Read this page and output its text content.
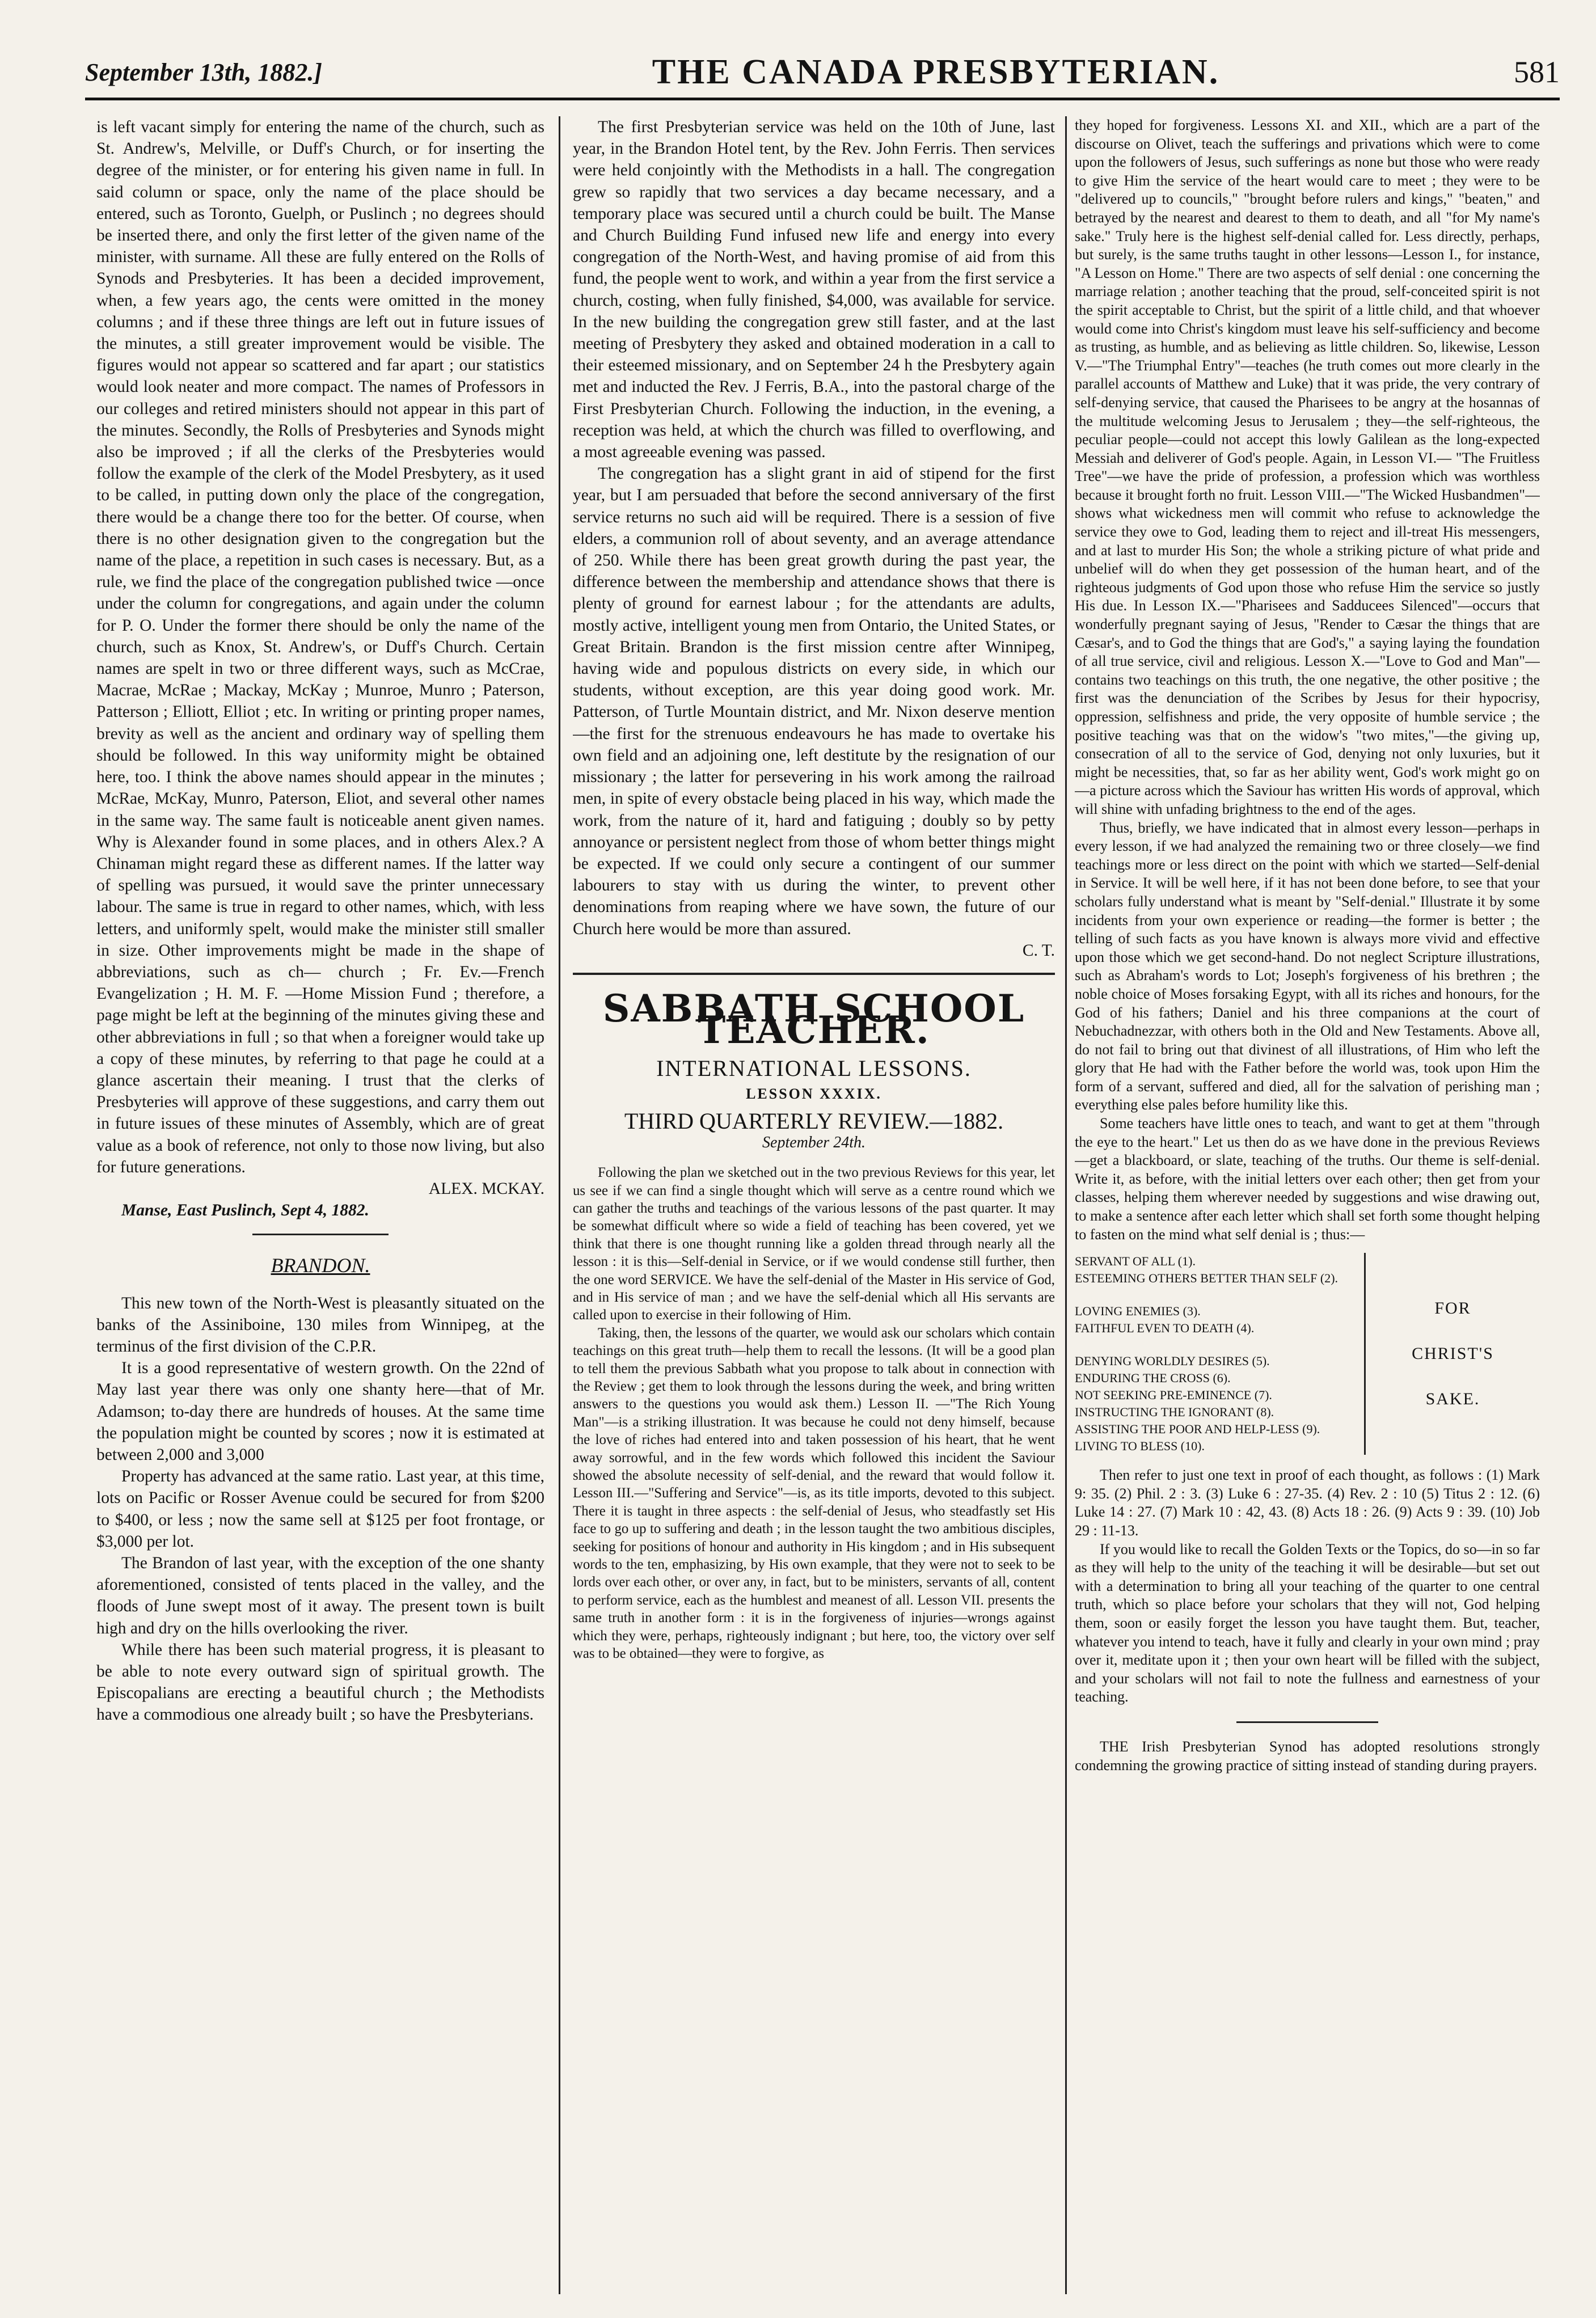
September 13th, 1882.]	THE CANADA PRESBYTERIAN.	581

is left vacant simply for entering the name of the church, such as St. Andrew's, Melville, or Duff's Church, or for inserting the degree of the minister, or for entering his given name in full. In said column or space, only the name of the place should be entered, such as Toronto, Guelph, or Puslinch ; no degrees should be inserted there, and only the first letter of the given name of the minister, with surname. All these are fully entered on the Rolls of Synods and Presbyteries. It has been a decided improvement, when, a few years ago, the cents were omitted in the money columns ; and if these three things are left out in future issues of the minutes, a still greater improvement would be visible. The figures would not appear so scattered and far apart ; our statistics would look neater and more compact. The names of Professors in our colleges and retired ministers should not appear in this part of the minutes. Secondly, the Rolls of Presbyteries and Synods might also be improved ; if all the clerks of the Presbyteries would follow the example of the clerk of the Model Presbytery, as it used to be called, in putting down only the place of the congregation, there would be a change there too for the better. Of course, when there is no other designation given to the congregation but the name of the place, a repetition in such cases is necessary. But, as a rule, we find the place of the congregation published twice —once under the column for congregations, and again under the column for P. O. Under the former there should be only the name of the church, such as Knox, St. Andrew's, or Duff's Church. Certain names are spelt in two or three different ways, such as McCrae, Macrae, McRae ; Mackay, McKay ; Munroe, Munro ; Paterson, Patterson ; Elliott, Elliot ; etc. In writing or printing proper names, brevity as well as the ancient and ordinary way of spelling them should be followed. In this way uniformity might be obtained here, too. I think the above names should appear in the minutes ; McRae, McKay, Munro, Paterson, Eliot, and several other names in the same way. The same fault is noticeable anent given names. Why is Alexander found in some places, and in others Alex.? A Chinaman might regard these as different names. If the latter way of spelling was pursued, it would save the printer unnecessary labour. The same is true in regard to other names, which, with less letters, and uniformly spelt, would make the minister still smaller in size. Other improvements might be made in the shape of abbreviations, such as ch— church ; Fr. Ev.—French Evangelization ; H. M. F. —Home Mission Fund ; therefore, a page might be left at the beginning of the minutes giving these and other abbreviations in full ; so that when a foreigner would take up a copy of these minutes, by referring to that page he could at a glance ascertain their meaning. I trust that the clerks of Presbyteries will approve of these suggestions, and carry them out in future issues of these minutes of Assembly, which are of great value as a book of reference, not only to those now living, but also for future generations.

ALEX. MCKAY.

Manse, East Puslinch, Sept 4, 1882.

BRANDON.

This new town of the North-West is pleasantly situated on the banks of the Assiniboine, 130 miles from Winnipeg, at the terminus of the first division of the C.P.R.

It is a good representative of western growth. On the 22nd of May last year there was only one shanty here—that of Mr. Adamson; to-day there are hundreds of houses. At the same time the population might be counted by scores ; now it is estimated at between 2,000 and 3,000

Property has advanced at the same ratio. Last year, at this time, lots on Pacific or Rosser Avenue could be secured for from $200 to $400, or less ; now the same sell at $125 per foot frontage, or $3,000 per lot.

The Brandon of last year, with the exception of the one shanty aforementioned, consisted of tents placed in the valley, and the floods of June swept most of it away. The present town is built high and dry on the hills overlooking the river.

While there has been such material progress, it is pleasant to be able to note every outward sign of spiritual growth. The Episcopalians are erecting a beautiful church ; the Methodists have a commodious one already built ; so have the Presbyterians.

The first Presbyterian service was held on the 10th of June, last year, in the Brandon Hotel tent, by the Rev. John Ferris. Then services were held conjointly with the Methodists in a hall. The congregation grew so rapidly that two services a day became necessary, and a temporary place was secured until a church could be built. The Manse and Church Building Fund infused new life and energy into every congregation of the North-West, and having promise of aid from this fund, the people went to work, and within a year from the first service a church, costing, when fully finished, $4,000, was available for service. In the new building the congregation grew still faster, and at the last meeting of Presbytery they asked and obtained moderation in a call to their esteemed missionary, and on September 24 h the Presbytery again met and inducted the Rev. J Ferris, B.A., into the pastoral charge of the First Presbyterian Church. Following the induction, in the evening, a reception was held, at which the church was filled to overflowing, and a most agreeable evening was passed.

The congregation has a slight grant in aid of stipend for the first year, but I am persuaded that before the second anniversary of the first service returns no such aid will be required. There is a session of five elders, a communion roll of about seventy, and an average attendance of 250. While there has been great growth during the past year, the difference between the membership and attendance shows that there is plenty of ground for earnest labour ; for the attendants are adults, mostly active, intelligent young men from Ontario, the United States, or Great Britain. Brandon is the first mission centre after Winnipeg, having wide and populous districts on every side, in which our students, without exception, are this year doing good work. Mr. Patterson, of Turtle Mountain district, and Mr. Nixon deserve mention—the first for the strenuous endeavours he has made to overtake his own field and an adjoining one, left destitute by the resignation of our missionary ; the latter for persevering in his work among the railroad men, in spite of every obstacle being placed in his way, which made the work, from the nature of it, hard and fatiguing ; doubly so by petty annoyance or persistent neglect from those of whom better things might be expected. If we could only secure a contingent of our summer labourers to stay with us during the winter, to prevent other denominations from reaping where we have sown, the future of our Church here would be more than assured.

C. T.
SABBATH SCHOOL TEACHER.
INTERNATIONAL LESSONS.
LESSON XXXIX.
THIRD QUARTERLY REVIEW.—1882.
September 24th.

Following the plan we sketched out in the two previous Reviews for this year, let us see if we can find a single thought which will serve as a centre round which we can gather the truths and teachings of the various lessons of the past quarter. It may be somewhat difficult where so wide a field of teaching has been covered, yet we think that there is one thought running like a golden thread through nearly all the lesson : it is this—Self-denial in Service, or if we would condense still further, then the one word SERVICE. We have the self-denial of the Master in His service of God, and in His service of man ; and we have the self-denial which all His servants are called upon to exercise in their following of Him.

Taking, then, the lessons of the quarter, we would ask our scholars which contain teachings on this great truth—help them to recall the lessons. (It will be a good plan to tell them the previous Sabbath what you propose to talk about in connection with the Review ; get them to look through the lessons during the week, and bring written answers to the questions you would ask them.) Lesson II. —"The Rich Young Man"—is a striking illustration. It was because he could not deny himself, because the love of riches had entered into and taken possession of his heart, that he went away sorrowful, and in the few words which followed this incident the Saviour showed the absolute necessity of self-denial, and the reward that would follow it. Lesson III.—"Suffering and Service"—is, as its title imports, devoted to this subject. There it is taught in three aspects : the self-denial of Jesus, who steadfastly set His face to go up to suffering and death ; in the lesson taught the two ambitious disciples, seeking for positions of honour and authority in His kingdom ; and in His subsequent words to the ten, emphasizing, by His own example, that they were not to seek to be lords over each other, or over any, in fact, but to be ministers, servants of all, content to perform service, each as the humblest and meanest of all. Lesson VII. presents the same truth in another form : it is in the forgiveness of injuries—wrongs against which they were, perhaps, righteously indignant ; but here, too, the victory over self was to be obtained—they were to forgive, as

they hoped for forgiveness. Lessons XI. and XII., which are a part of the discourse on Olivet, teach the sufferings and privations which were to come upon the followers of Jesus, such sufferings as none but those who were ready to give Him the service of the heart would care to meet ; they were to be "delivered up to councils," "brought before rulers and kings," "beaten," and betrayed by the nearest and dearest to them to death, and all "for My name's sake." Truly here is the highest self-denial called for. Less directly, perhaps, but surely, is the same truths taught in other lessons—Lesson I., for instance, "A Lesson on Home." There are two aspects of self denial : one concerning the marriage relation ; another teaching that the proud, self-conceited spirit is not the spirit acceptable to Christ, but the spirit of a little child, and that whoever would come into Christ's kingdom must leave his self-sufficiency and become as trusting, as humble, and as believing as little children. So, likewise, Lesson V.—"The Triumphal Entry"—teaches (he truth comes out more clearly in the parallel accounts of Matthew and Luke) that it was pride, the very contrary of self-denying service, that caused the Pharisees to be angry at the hosannas of the multitude welcoming Jesus to Jerusalem ; they—the self-righteous, the peculiar people—could not accept this lowly Galilean as the long-expected Messiah and deliverer of God's people. Again, in Lesson VI.— "The Fruitless Tree"—we have the pride of profession, a profession which was worthless because it brought forth no fruit. Lesson VIII.—"The Wicked Husbandmen"—shows what wickedness men will commit who refuse to acknowledge the service they owe to God, leading them to reject and ill-treat His messengers, and at last to murder His Son; the whole a striking picture of what pride and unbelief will do when they get possession of the human heart, and of the righteous judgments of God upon those who refuse Him the service so justly His due. In Lesson IX.—"Pharisees and Sadducees Silenced"—occurs that wonderfully pregnant saying of Jesus, "Render to Cæsar the things that are Cæsar's, and to God the things that are God's," a saying laying the foundation of all true service, civil and religious. Lesson X.—"Love to God and Man"—contains two teachings on this truth, the one negative, the other positive ; the first was the denunciation of the Scribes by Jesus for their hypocrisy, oppression, selfishness and pride, the very opposite of humble service ; the positive teaching was that on the widow's "two mites,"—the giving up, consecration of all to the service of God, denying not only luxuries, but it might be necessities, that, so far as her ability went, God's work might go on—a picture across which the Saviour has written His words of approval, which will shine with unfading brightness to the end of the ages.

Thus, briefly, we have indicated that in almost every lesson—perhaps in every lesson, if we had analyzed the remaining two or three closely—we find teachings more or less direct on the point with which we started—Self-denial in Service. It will be well here, if it has not been done before, to see that your scholars fully understand what is meant by "Self-denial." Illustrate it by some incidents from your own experience or reading—the former is better ; the telling of such facts as you have known is always more vivid and effective upon those which we get second-hand. Do not neglect Scripture illustrations, such as Abraham's words to Lot; Joseph's forgiveness of his brethren ; the noble choice of Moses forsaking Egypt, with all its riches and honours, for the God of his fathers; Daniel and his three companions at the court of Nebuchadnezzar, with others both in the Old and New Testaments. Above all, do not fail to bring out that divinest of all illustrations, of Him who left the glory that He had with the Father before the world was, took upon Him the form of a servant, suffered and died, all for the salvation of perishing man ; everything else pales before humility like this.

Some teachers have little ones to teach, and want to get at them "through the eye to the heart." Let us then do as we have done in the previous Reviews—get a blackboard, or slate, teaching of the truths. Our theme is self-denial. Write it, as before, with the initial letters over each other; then get from your classes, helping them wherever needed by suggestions and wise drawing out, to make a sentence after each letter which shall set forth some thought helping to fasten on the mind what self denial is ; thus:—

SERVANT OF ALL (1).
ESTEEMING OTHERS BETTER THAN SELF (2).
LOVING ENEMIES (3).
FAITHFUL EVEN TO DEATH (4).
DENYING WORLDLY DESIRES (5).
ENDURING THE CROSS (6).
NOT SEEKING PRE-EMINENCE (7).
INSTRUCTING THE IGNORANT (8).
ASSISTING THE POOR AND HELP-LESS (9).
LIVING TO BLESS (10).
FOR
CHRIST'S
SAKE.

Then refer to just one text in proof of each thought, as follows : (1) Mark 9: 35. (2) Phil. 2 : 3. (3) Luke 6 : 27-35. (4) Rev. 2 : 10 (5) Titus 2 : 12. (6) Luke 14 : 27. (7) Mark 10 : 42, 43. (8) Acts 18 : 26. (9) Acts 9 : 39. (10) Job 29 : 11-13.

If you would like to recall the Golden Texts or the Topics, do so—in so far as they will help to the unity of the teaching it will be desirable—but set out with a determination to bring all your teaching of the quarter to one central truth, which so place before your scholars that they will not, God helping them, soon or easily forget the lesson you have taught them. But, teacher, whatever you intend to teach, have it fully and clearly in your own mind ; pray over it, meditate upon it ; then your own heart will be filled with the subject, and your scholars will not fail to note the fullness and earnestness of your teaching.

THE Irish Presbyterian Synod has adopted resolutions strongly condemning the growing practice of sitting instead of standing during prayers.
